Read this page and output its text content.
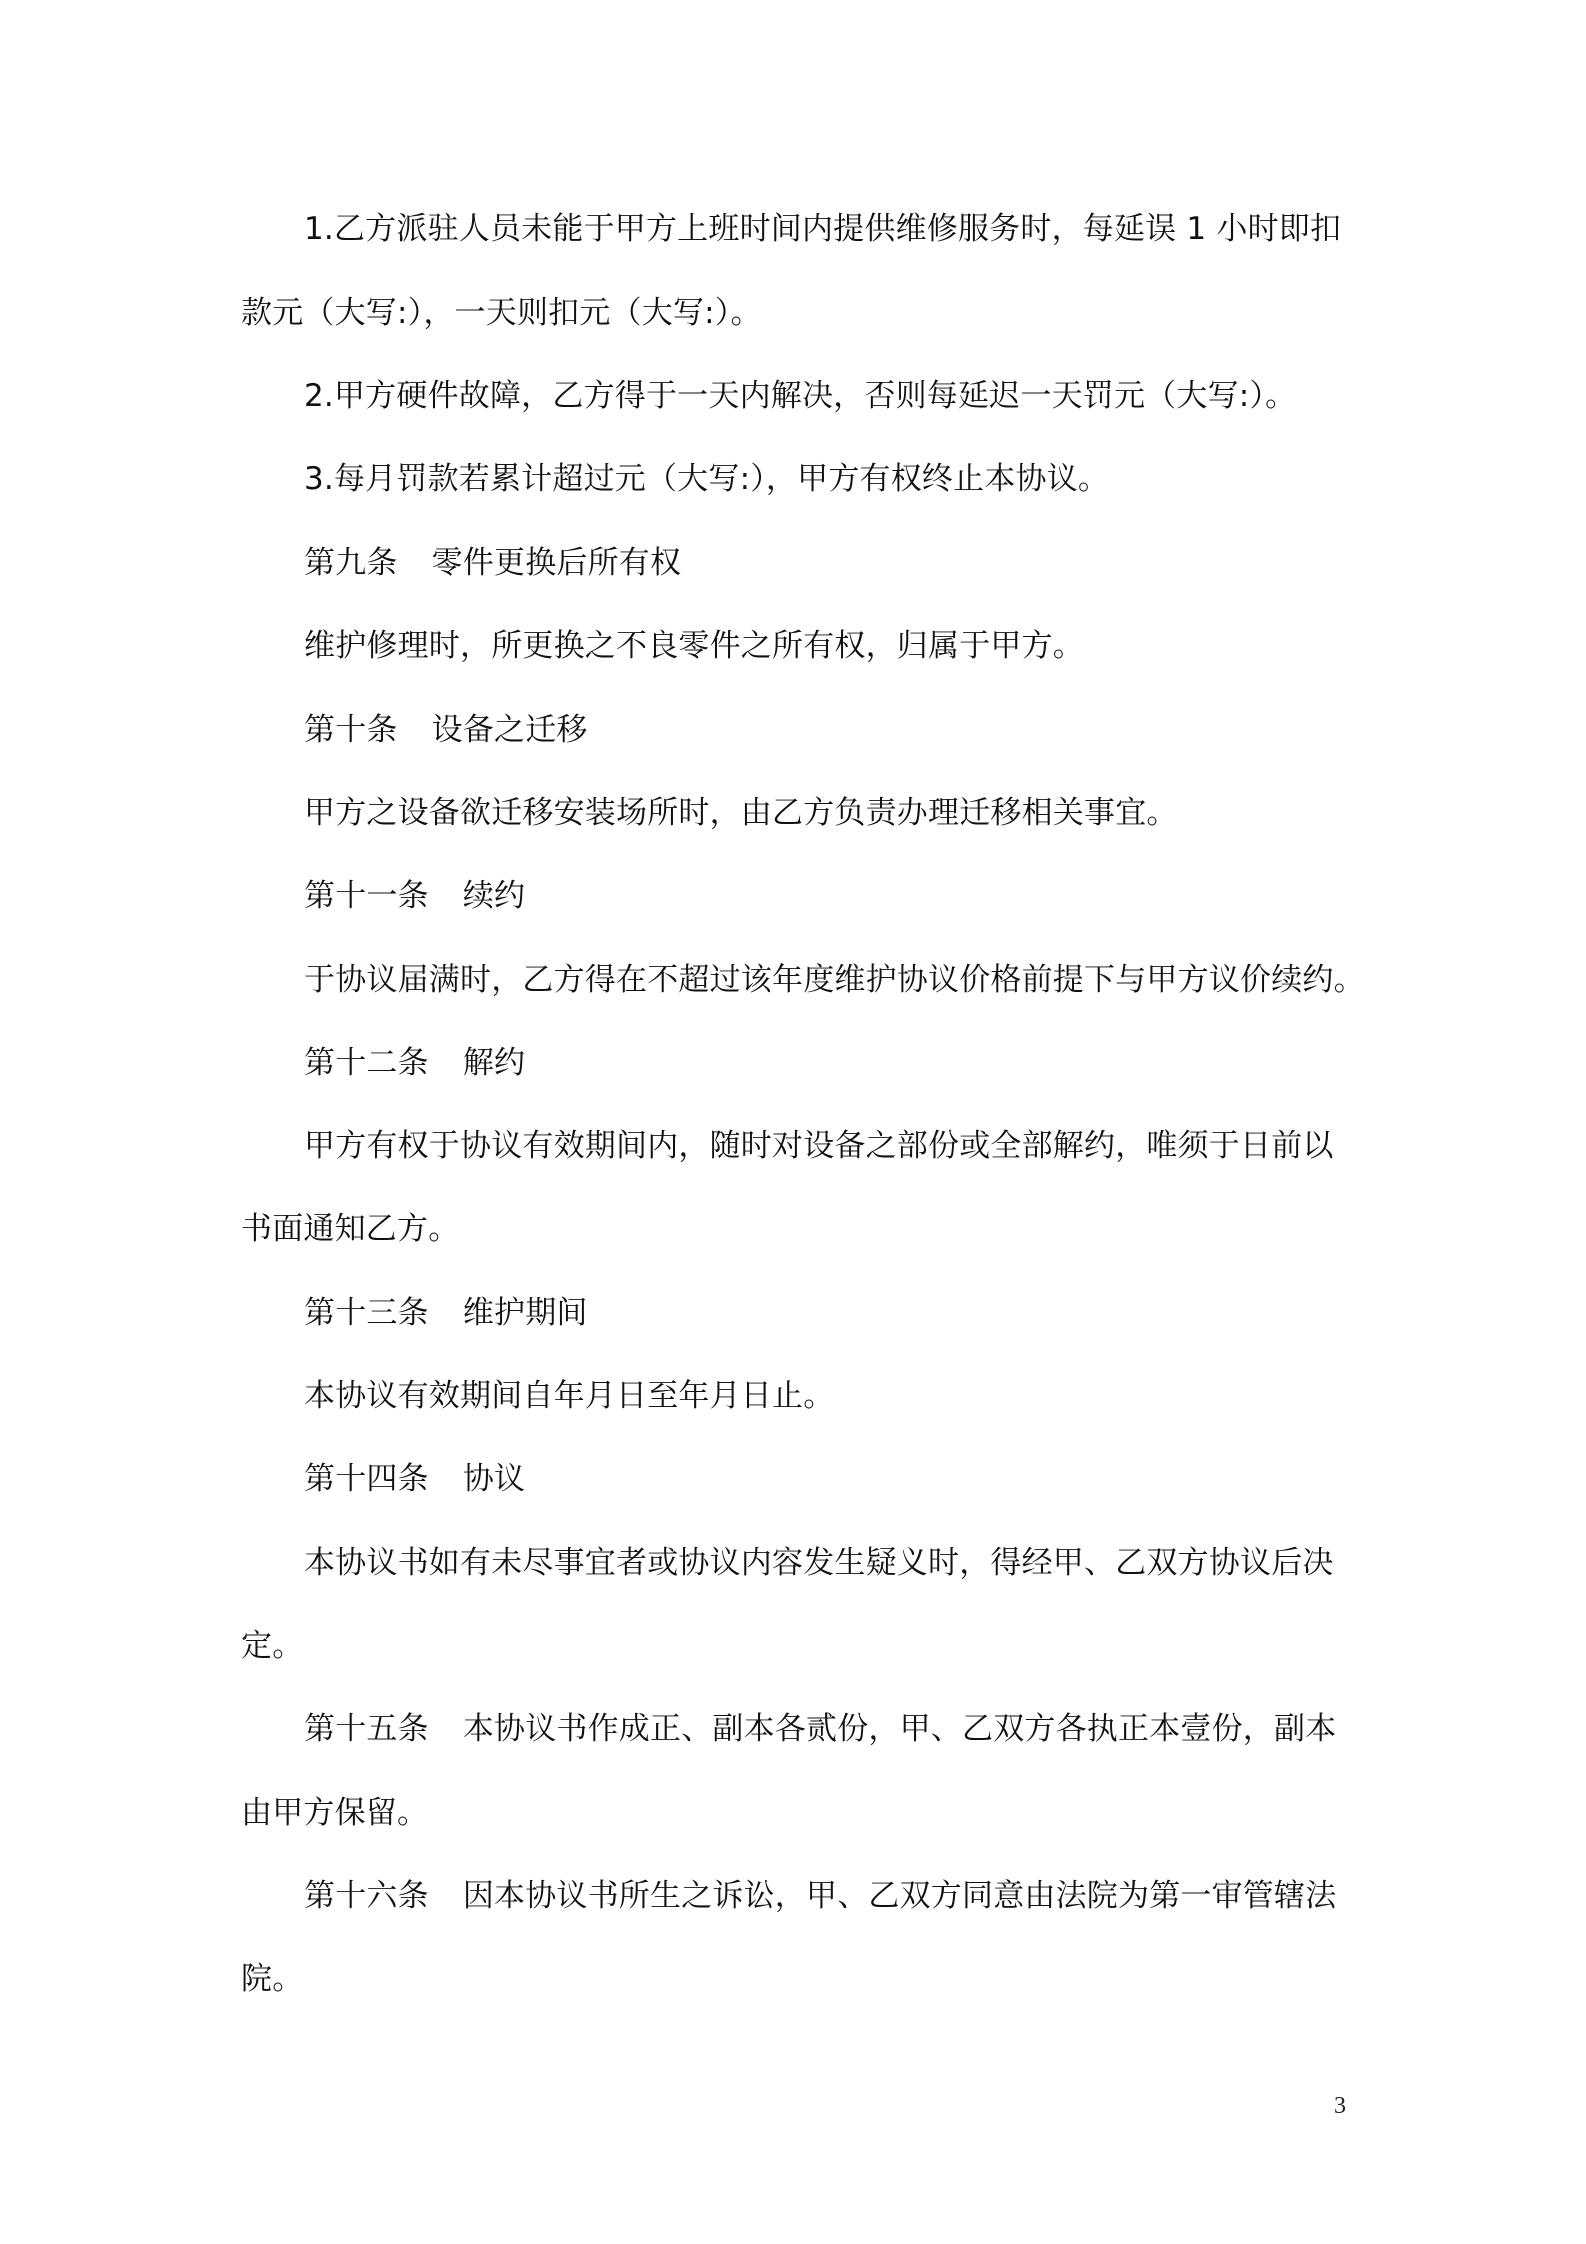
1.乙方派驻人员未能于甲方上班时间内提供维修服务时，每延误 1 小时即扣
款元（大写:），一天则扣元（大写:）。
2.甲方硬件故障，乙方得于一天内解决，否则每延迟一天罚元（大写:）。
3.每月罚款若累计超过元（大写:），甲方有权终止本协议。
第九条 零件更换后所有权
维护修理时，所更换之不良零件之所有权，归属于甲方。
第十条 设备之迁移
甲方之设备欲迁移安装场所时，由乙方负责办理迁移相关事宜。
第十一条 续约
于协议届满时，乙方得在不超过该年度维护协议价格前提下与甲方议价续约。
第十二条 解约
甲方有权于协议有效期间内，随时对设备之部份或全部解约，唯须于日前以
书面通知乙方。
第十三条 维护期间
本协议有效期间自年月日至年月日止。
第十四条 协议
本协议书如有未尽事宜者或协议内容发生疑义时，得经甲、乙双方协议后决
定。
第十五条 本协议书作成正、副本各贰份，甲、乙双方各执正本壹份，副本
由甲方保留。
第十六条 因本协议书所生之诉讼，甲、乙双方同意由法院为第一审管辖法
院。
3
